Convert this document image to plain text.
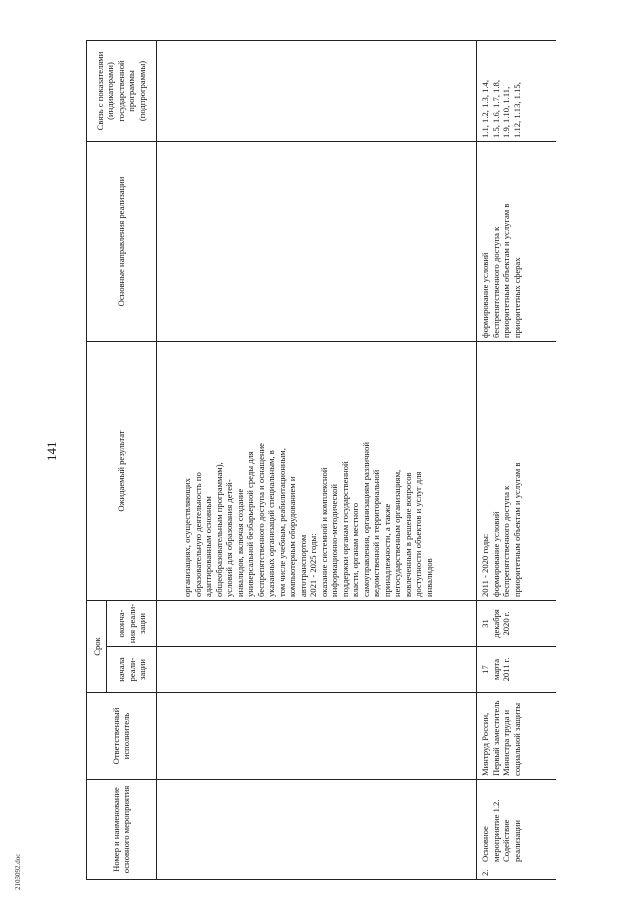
141
2103092.doc	Номер и наименование основного мероприятия
Ответственный исполнитель
Срок
начала реали-зации
оконча-ния реали-зации
Ожидаемый результат
Основные направления реализации
Связь с показателями (индикаторами) государственной программы (подпрограммы)
организациях, осуществляющих
образовательную деятельность по
адаптированным основным
общеобразовательным программам),
условий для образования детей-
инвалидов, включая создание
универсальной безбарьерной среды для
беспрепятственного доступа и оснащение
указанных организаций специальным, в
том числе учебным, реабилитационным,
компьютерным оборудованием и
автотранспортом
2021 - 2025 годы:
оказание системной и комплексной
информационно-методической
поддержки органам государственной
власти, органам местного
самоуправления, организациям различной
ведомственной и территориальной
принадлежности, а также
негосударственным организациям,
вовлеченным в решение вопросов
доступности объектов и услуг для
инвалидов
2.
Основное
мероприятие 1.2.
Содействие
реализации
Минтруд России,
Первый заместитель
Министра труда и
социальной защиты
17
марта
2011 г.
31
декабря
2020 г.
2011 - 2020 годы:
формирование условий
беспрепятственного доступа к
приоритетным объектам и услугам в
формирование условий
беспрепятственного доступа к
приоритетным объектам и услугам в
приоритетных сферах
1.1, 1.2, 1.3, 1.4,
1.5, 1.6, 1.7, 1.8,
1.9, 1.10, 1.11,
1.12, 1.13, 1.15,
